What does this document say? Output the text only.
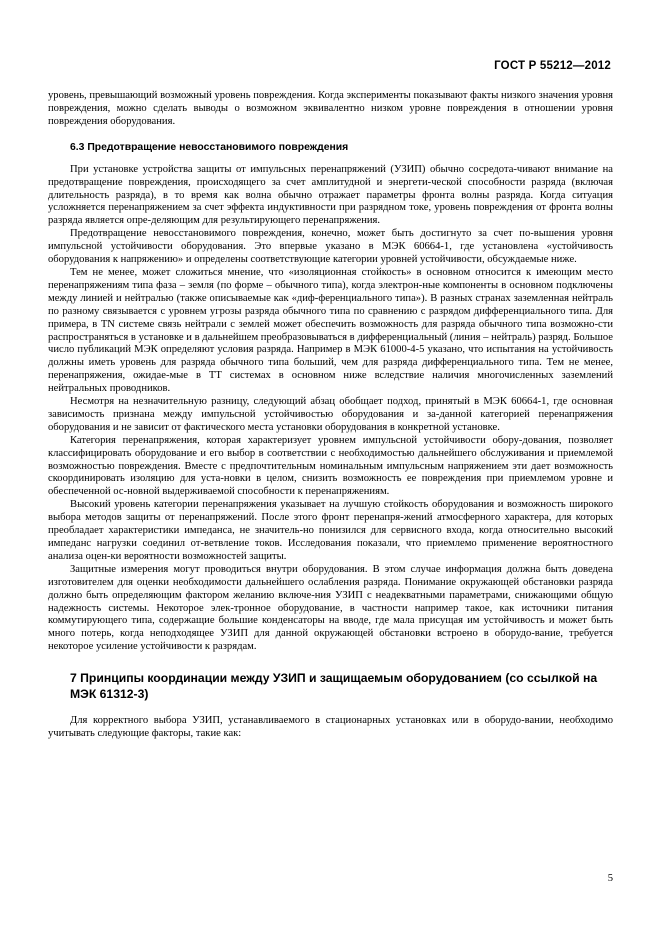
ГОСТ Р 55212—2012

уровень, превышающий возможный уровень повреждения. Когда эксперименты показывают факты низкого значения уровня повреждения, можно сделать выводы о возможном эквивалентно низком уровне повреждения в отношении уровня повреждения оборудования.

6.3 Предотвращение невосстановимого повреждения

При установке устройства защиты от импульсных перенапряжений (УЗИП) обычно сосредота-чивают внимание на предотвращение повреждения, происходящего за счет амплитудной и энергети-ческой способности разряда (включая длительность разряда), в то время как волна обычно отражает параметры фронта волны разряда. Когда ситуация усложняется перенапряжением за счет эффекта индуктивности при разрядном токе, уровень повреждения от фронта волны разряда является опре-деляющим для результирующего перенапряжения.

Предотвращение невосстановимого повреждения, конечно, может быть достигнуто за счет по-вышения уровня импульсной устойчивости оборудования. Это впервые указано в МЭК 60664-1, где установлена «устойчивость оборудования к напряжению» и определены соответствующие категории уровней устойчивости, обсуждаемые ниже.

Тем не менее, может сложиться мнение, что «изоляционная стойкость» в основном относится к имеющим место перенапряжениям типа фаза – земля (по форме – обычного типа), когда электрон-ные компоненты в основном подключены между линией и нейтралью (также описываемые как «диф-ференциального типа»). В разных странах заземленная нейтраль по разному связывается с уровнем угрозы разряда обычного типа по сравнению с разрядом дифференциального типа. Для примера, в TN системе связь нейтрали с землей может обеспечить возможность для разряда обычного типа возможно-сти распространяться в установке и в дальнейшем преобразовываться в дифференциальный (линия – нейтраль) разряд. Большое число публикаций МЭК определяют условия разряда. Например в МЭК 61000-4-5 указано, что испытания на устойчивость должны иметь уровень для разряда обычного типа больший, чем для разряда дифференциального типа. Тем не менее, перенапряжения, ожидае-мые в ТТ системах в основном ниже вследствие наличия многочисленных заземлений нейтральных проводников.

Несмотря на незначительную разницу, следующий абзац обобщает подход, принятый в МЭК 60664-1, где основная зависимость признана между импульсной устойчивостью оборудования и за-данной категорией перенапряжения оборудования и не зависит от фактического места установки оборудования в конкретной установке.

Категория перенапряжения, которая характеризует уровнем импульсной устойчивости обору-дования, позволяет классифицировать оборудование и его выбор в соответствии с необходимостью дальнейшего обслуживания и приемлемой возможностью повреждения. Вместе с предпочтительным номинальным импульсным напряжением эти дает возможность скоординировать изоляцию для уста-новки в целом, снизить возможность ее повреждения при приемлемом уровне и обеспеченной ос-новной выдерживаемой способности к перенапряжениям.

Высокий уровень категории перенапряжения указывает на лучшую стойкость оборудования и возможность широкого выбора методов защиты от перенапряжений. После этого фронт перенапря-жений атмосферного характера, для которых преобладает характеристики импеданса, не значитель-но понизился для сервисного входа, когда относительно высокий импеданс нагрузки соединил от-ветвление токов. Исследования показали, что приемлемо применение вероятностного анализа оцен-ки вероятности возможностей защиты.

Защитные измерения могут проводиться внутри оборудования. В этом случае информация должна быть доведена изготовителем для оценки необходимости дальнейшего ослабления разряда. Понимание окружающей обстановки разряда должно быть определяющим фактором желанию включе-ния УЗИП с неадекватными параметрами, снижающими общую надежность системы. Некоторое элек-тронное оборудование, в частности например такое, как источники питания коммутирующего типа, содержащие большие конденсаторы на вводе, где мала присущая им устойчивость и может быть много потерь, когда неподходящее УЗИП для данной окружающей обстановки встроено в оборудо-вание, требуется некоторое усиление устойчивости к разрядам.

7 Принципы координации между УЗИП и защищаемым оборудованием (со ссылкой на МЭК 61312-3)

Для корректного выбора УЗИП, устанавливаемого в стационарных установках или в оборудо-вании, необходимо учитывать следующие факторы, такие как:

5
